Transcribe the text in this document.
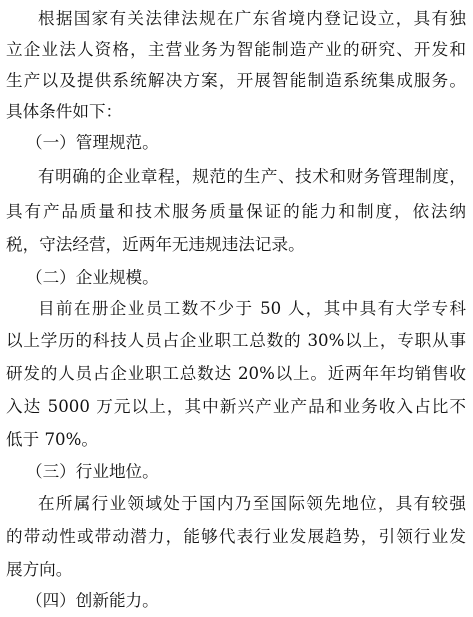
根据国家有关法律法规在广东省境内登记设立，具有独
立企业法人资格，主营业务为智能制造产业的研究、开发和
生产以及提供系统解决方案，开展智能制造系统集成服务。
具体条件如下：
（一）管理规范。
有明确的企业章程，规范的生产、技术和财务管理制度，
具有产品质量和技术服务质量保证的能力和制度，依法纳
税，守法经营，近两年无违规违法记录。
（二）企业规模。
目前在册企业员工数不少于 50 人，其中具有大学专科
以上学历的科技人员占企业职工总数的 30%以上，专职从事
研发的人员占企业职工总数达 20%以上。近两年年均销售收
入达 5000 万元以上，其中新兴产业产品和业务收入占比不
低于 70%。
（三）行业地位。
在所属行业领域处于国内乃至国际领先地位，具有较强
的带动性或带动潜力，能够代表行业发展趋势，引领行业发
展方向。
（四）创新能力。
